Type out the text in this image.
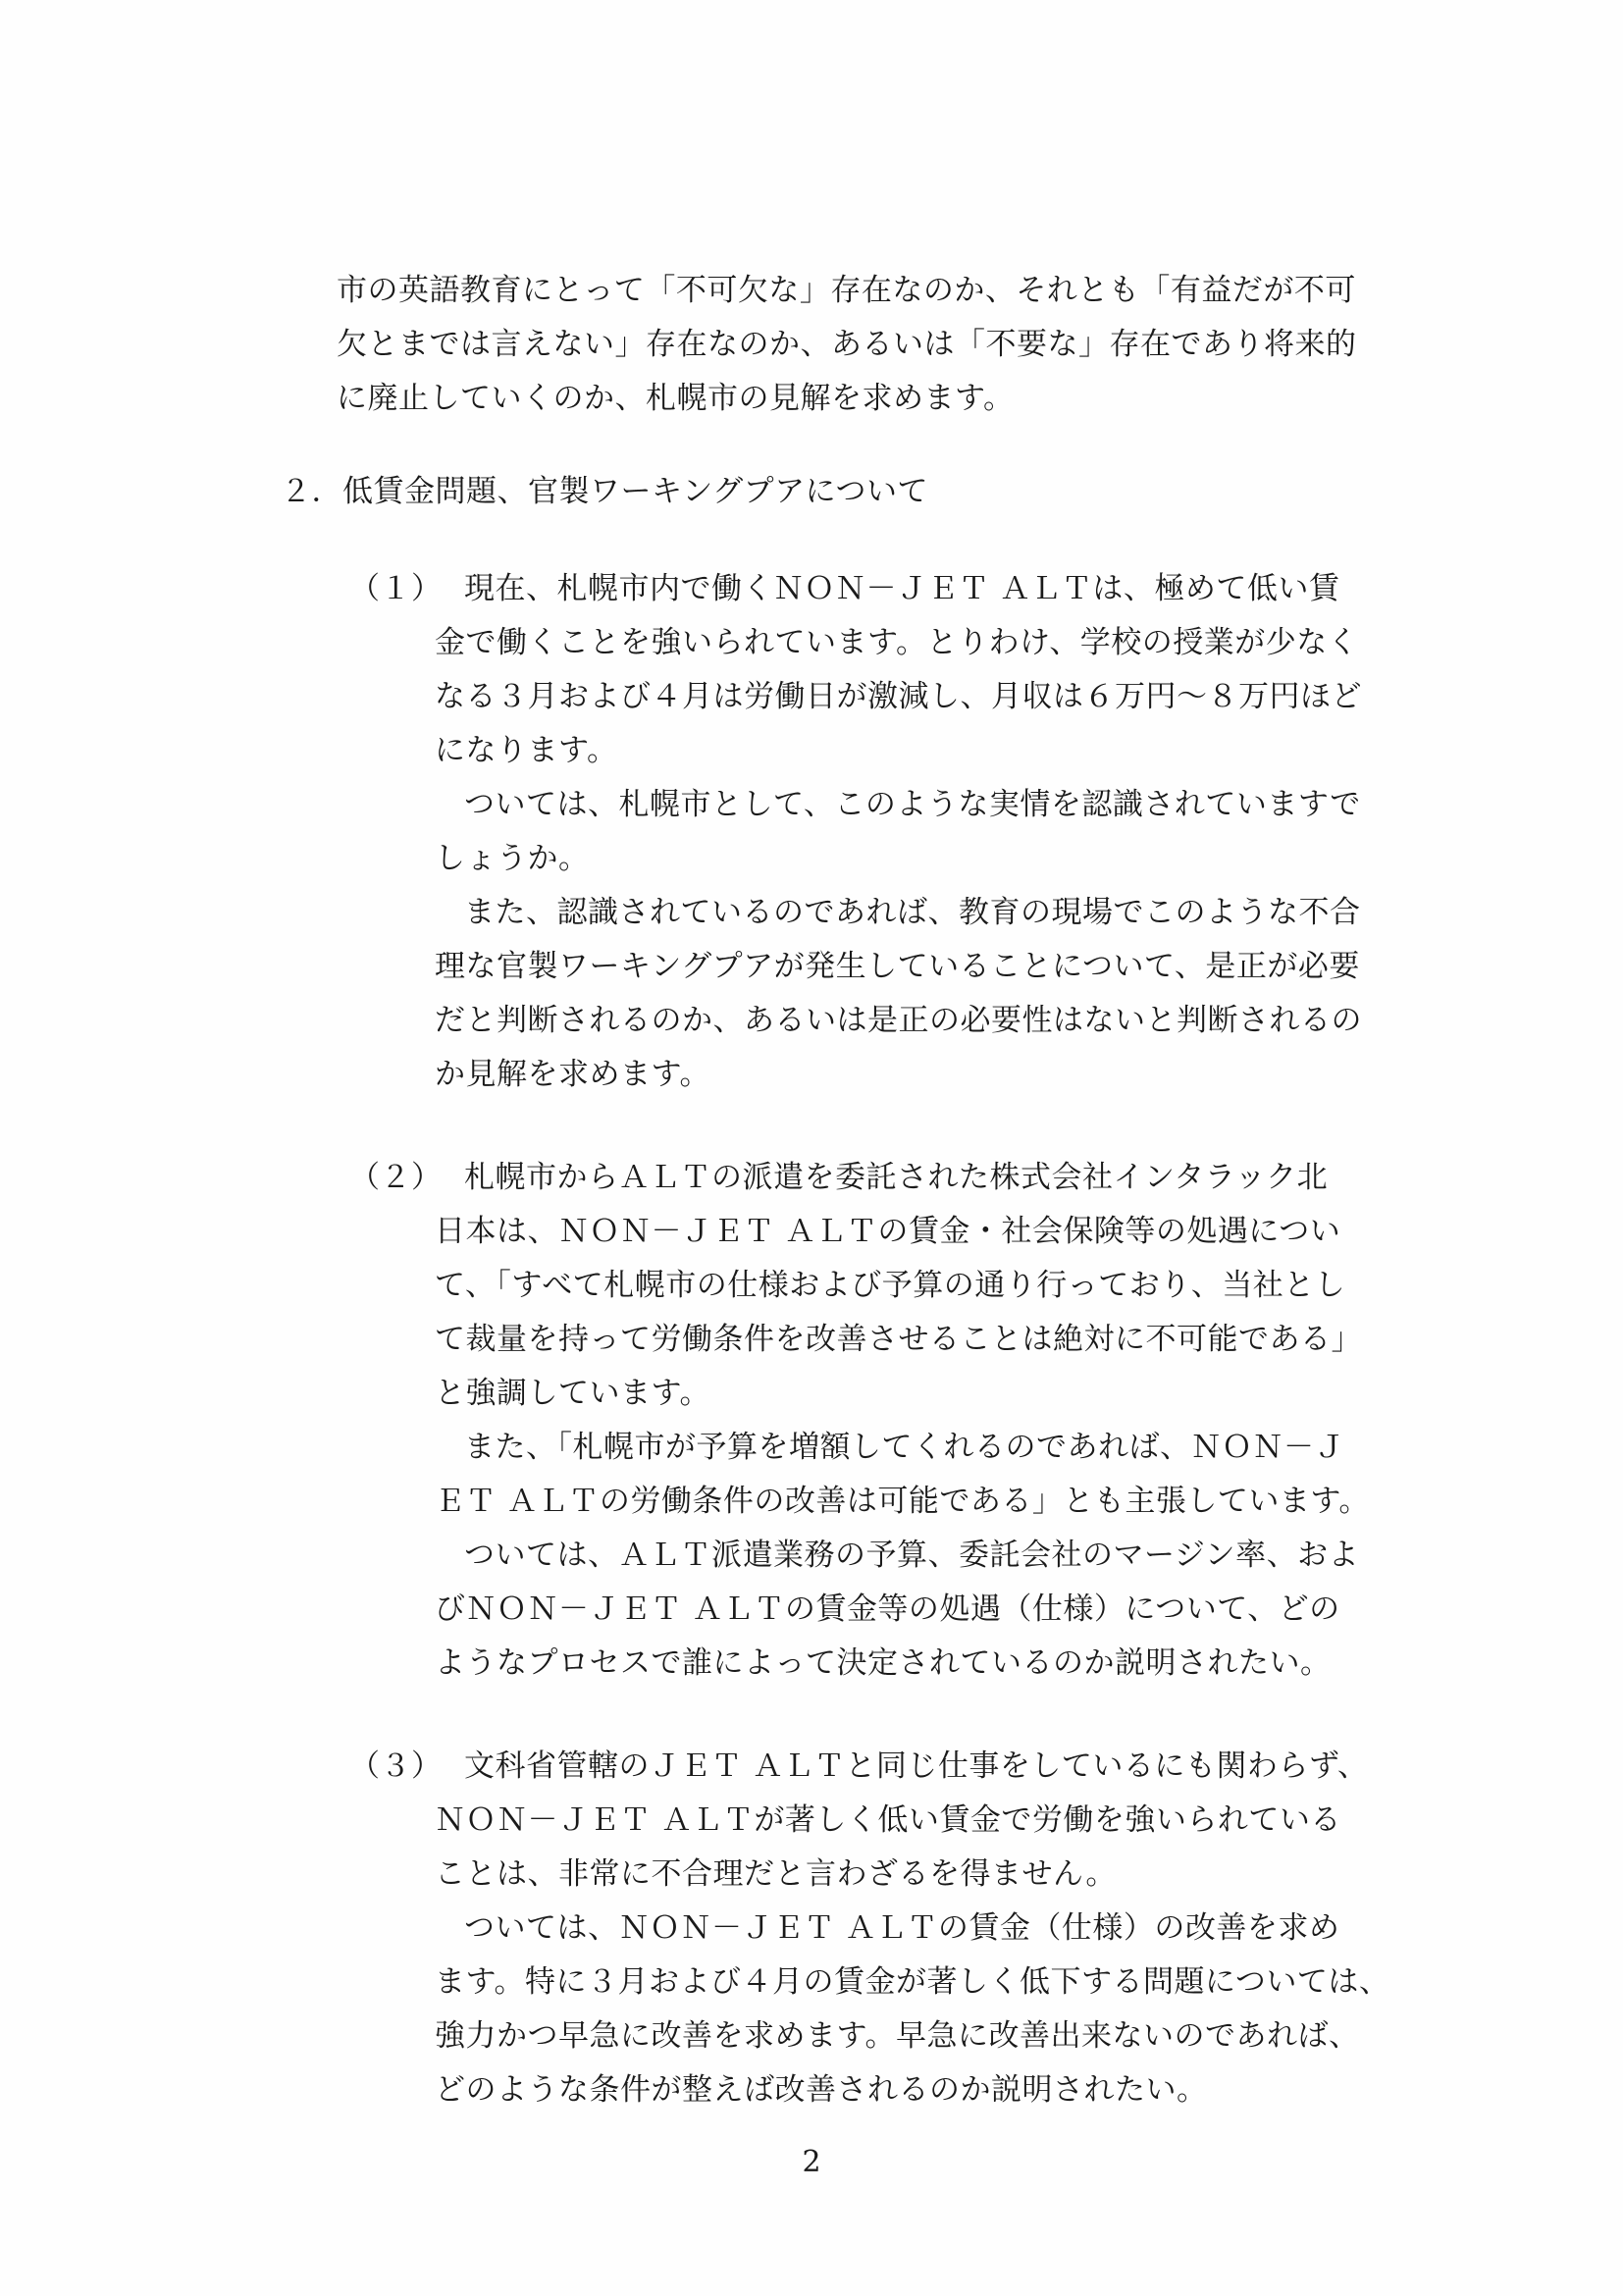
市の英語教育にとって「不可欠な」存在なのか、それとも「有益だが不可
欠とまでは言えない」存在なのか、あるいは「不要な」存在であり将来的
に廃止していくのか、札幌市の見解を求めます。
２．低賃金問題、官製ワーキングプアについて
（１） 現在、札幌市内で働くＮＯＮ－ＪＥＴ ＡＬＴは、極めて低い賃
金で働くことを強いられています。とりわけ、学校の授業が少なく
なる３月および４月は労働日が激減し、月収は６万円～８万円ほど
になります。
ついては、札幌市として、このような実情を認識されていますで
しょうか。
また、認識されているのであれば、教育の現場でこのような不合
理な官製ワーキングプアが発生していることについて、是正が必要
だと判断されるのか、あるいは是正の必要性はないと判断されるの
か見解を求めます。
（２） 札幌市からＡＬＴの派遣を委託された株式会社インタラック北
日本は、ＮＯＮ－ＪＥＴ ＡＬＴの賃金・社会保険等の処遇につい
て、「すべて札幌市の仕様および予算の通り行っており、当社とし
て裁量を持って労働条件を改善させることは絶対に不可能である」
と強調しています。
また、「札幌市が予算を増額してくれるのであれば、ＮＯＮ－Ｊ
ＥＴ ＡＬＴの労働条件の改善は可能である」とも主張しています。
ついては、ＡＬＴ派遣業務の予算、委託会社のマージン率、およ
びＮＯＮ－ＪＥＴ ＡＬＴの賃金等の処遇（仕様）について、どの
ようなプロセスで誰によって決定されているのか説明されたい。
（３） 文科省管轄のＪＥＴ ＡＬＴと同じ仕事をしているにも関わらず、
ＮＯＮ－ＪＥＴ ＡＬＴが著しく低い賃金で労働を強いられている
ことは、非常に不合理だと言わざるを得ません。
ついては、ＮＯＮ－ＪＥＴ ＡＬＴの賃金（仕様）の改善を求め
ます。特に３月および４月の賃金が著しく低下する問題については、
強力かつ早急に改善を求めます。早急に改善出来ないのであれば、
どのような条件が整えば改善されるのか説明されたい。
2
